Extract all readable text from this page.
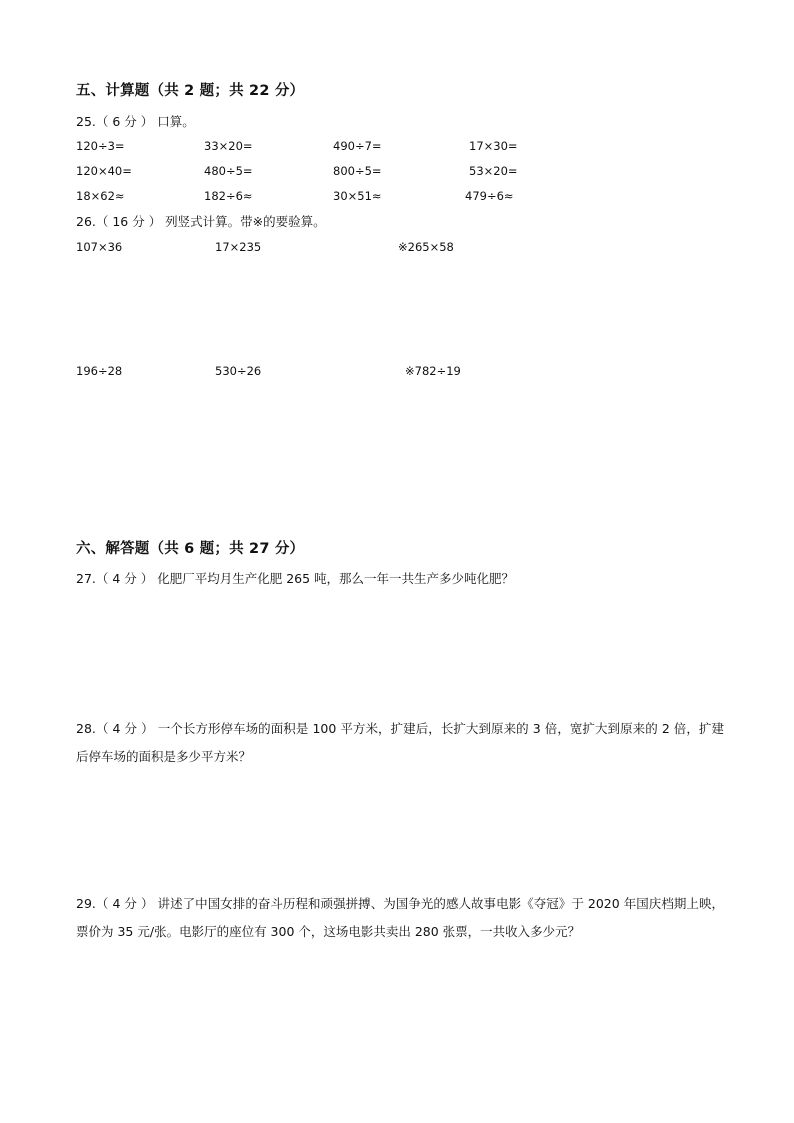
五、计算题（共 2 题；共 22 分）
25.（ 6 分 ） 口算。
120÷3=	33×20=	490÷7=	17×30=
120×40=	480÷5=	800÷5=	53×20=
18×62≈	182÷6≈	30×51≈	479÷6≈
26.（ 16 分 ） 列竖式计算。带※的要验算。
107×36	17×235	※265×58
196÷28	530÷26	※782÷19
六、解答题（共 6 题；共 27 分）
27.（ 4 分 ） 化肥厂平均月生产化肥 265 吨，那么一年一共生产多少吨化肥？
28.（ 4 分 ） 一个长方形停车场的面积是 100 平方米，扩建后，长扩大到原来的 3 倍，宽扩大到原来的 2 倍，扩建后停车场的面积是多少平方米？
29.（ 4 分 ） 讲述了中国女排的奋斗历程和顽强拼搏、为国争光的感人故事电影《夺冠》于 2020 年国庆档期上映，票价为 35 元/张。电影厅的座位有 300 个，这场电影共卖出 280 张票，一共收入多少元？
